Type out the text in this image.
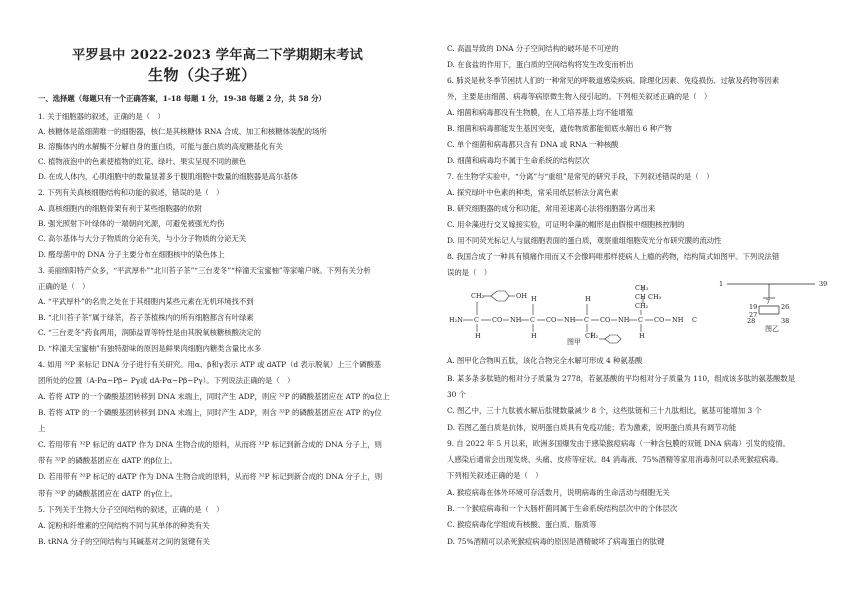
平罗县中 2022-2023 学年高二下学期期末考试
生物（尖子班）
一、选择题（每题只有一个正确答案，1-18 每题 1 分，19-38 每题 2 分，共 58 分）
1. 关于细胞器的叙述，正确的是（　）
A. 核糖体是蓝细菌唯一的细胞器，核仁是其核糖体 RNA 合成、加工和核糖体装配的场所
B. 溶酶体内的水解酶不分解自身的蛋白质，可能与蛋白质的高度糖基化有关
C. 植物液泡中的色素使植物的红花、绿叶、果实呈现不同的颜色
D. 在成人体内，心肌细胞中的数量显著多于腹肌细胞中数量的细胞器是高尔基体
2. 下列有关真核细胞结构和功能的叙述，错误的是（　）
A. 真核细胞内的细胞骨架有利于某些细胞器的依附
B. 强光照射下叶绿体的一端朝向光源，可避免被强光灼伤
C. 高尔基体与大分子物质的分泌有关，与小分子物质的分泌无关
D. 醛母菌中的 DNA 分子主要分布在细胞核中的染色体上
3. 美丽绵阳特产众多，“平武厚朴”“北川苔子茶”“三台麦冬”“梓潼天宝蜜柚”等家喻户晓。下列有关分析
正确的是（　）
A. “平武厚朴”的名贵之处在于其细胞内某些元素在无机环境找不到
B. “北川苔子茶”属于绿茶，苔子茶植株内的所有细胞都含有叶绿素
C. “三台麦冬”药食两用，润肺益胃等特性是由其脱氧核糖核酸决定的
D. “梓潼天宝蜜柚”有独特甜味的原因是鲜果肉细胞内糖类含量比水多
4. 如用 ³²P 来标记 DNA 分子进行有关研究。用α、β和γ表示 ATP 或 dATP（d 表示脱氧）上三个磷酸基
团所处的位置（A-Pα~Pβ~ Pγ或 dA-Pα~Pβ~Pγ）。下列说法正确的是（　）
A. 若将 ATP 的一个磷酸基团转移到 DNA 末端上，同时产生 ADP，则应 ³²P 的磷酸基团应在 ATP 的α位上
B. 若将 ATP 的一个磷酸基团转移到 DNA 末端上，同时产生 ADP，则含 ³²P 的磷酸基团应在 ATP 的γ位
上
C. 若用带有 ³²P 标记的 dATP 作为 DNA 生物合成的原料，从而将 ³²P 标记到新合成的 DNA 分子上，则
带有 ³²P 的磷酸基团应在 dATP 的β位上。
D. 若用带有 ³²P 标记的 dATP 作为 DNA 生物合成的原料，从而将 ³²P 标记到新合成的 DNA 分子上，则
带有 ³²P 的磷酸基团应在 dATP 的γ位上。
5. 下列关于生物大分子空间结构的叙述，正确的是（　）
A. 淀粉和纤维素的空间结构不同与其单体的种类有关
B. tRNA 分子的空间结构与其碱基对之间的氢键有关
C. 高温导致的 DNA 分子空间结构的破坏是不可逆的
D. 在食盐的作用下，蛋白质的空间结构将发生改变而析出
6. 肺炎是秋冬季节困扰人们的一种常见的呼吸道感染疾病。除理化因素、免疫损伤、过敏及药物等因素
外，主要是由细菌、病毒等病原微生物入侵引起的。下列相关叙述正确的是（　）
A. 细菌和病毒都没有生物膜，在人工培养基上均不能增殖
B. 细菌和病毒都能发生基因突变，遗传物质都能彻底水解出 6 种产物
C. 单个细菌和病毒都只含有 DNA 或 RNA 一种核酸
D. 细菌和病毒均不属于生命系统的结构层次
7. 在生物学实验中，“分离”与“重组”是常见的研究手段，下列叙述错误的是（　）
A. 探究绿叶中色素的种类，常采用纸层析法分离色素
B. 研究细胞器的成分和功能，常用差速离心法将细胞器分离出来
C. 用伞藻进行交叉嫁接实验，可证明伞藻的帽形是由假根中细胞核控制的
D. 用不同荧光标记人与鼠细胞表面的蛋白质，观察重组细胞荧光分布研究膜的流动性
8. 我国合成了一种具有镇痛作用而又不会像吗啡那样使病人上瘾的药物，结构简式如图甲。下列说法错
误的是（　）
CH₂	OH H	H
CH₃
CH CH₃
CH₂
H₂N C CO NH C CO NH C CO NH C CO NH C
H	H	CH₂	H
图甲
1	39
7
19	26
27
28	38
图乙
A. 图甲化合物叫五肽，该化合物完全水解可形成 4 种氨基酸
B. 某多条多肽链的相对分子质量为 2778，若氨基酸的平均相对分子质量为 110，组成该多肽的氨基酸数是
30 个
C. 图乙中，三十九肽被水解后肽键数量减少 8 个，这些肽链和三十九肽相比，氨基可能增加 3 个
D. 若图乙蛋白质是抗体，说明蛋白质具有免疫功能；若为激素，说明蛋白质具有调节功能
9. 自 2022 年 5 月以来，欧洲多国爆发由于感染猴痘病毒（一种含包膜的双链 DNA 病毒）引发的疫情。
人感染后通常会出现发烧、头痛、皮疹等症状。84 消毒液、75%酒精等家用消毒剂可以杀死猴痘病毒。
下列相关叙述正确的是（　）
A. 猴痘病毒在体外环境可存活数月，说明病毒的生命活动与细胞无关
B. 一个猴痘病毒和一个大肠杆菌同属于生命系统结构层次中的个体层次
C. 猴痘病毒化学组成有核酸、蛋白质、脂质等
D. 75%酒精可以杀死猴痘病毒的原因是酒精破坏了病毒蛋白的肽键
